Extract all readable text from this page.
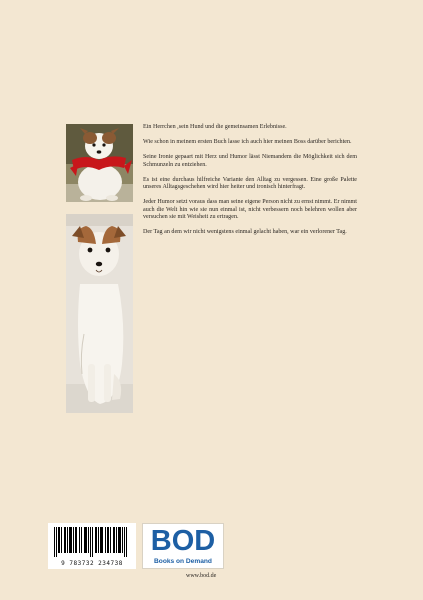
Ein Herrchen ,sein Hund und die gemeinsamen Erlebnisse.

Wie schon in meinem ersten Buch lasse ich auch hier meinen Boss darüber berichten.

Seine Ironie gepaart mit Herz und Humor lässt Niemandem die Möglichkeit sich dem Schmunzeln zu entziehen.

Es ist eine durchaus hilfreiche Variante den Alltag zu vergessen. Eine große Palette unseres Alltagsgeschehen wird hier heiter und ironisch hinterfragt.

Jeder Humor setzt voraus dass man seine eigene Person nicht zu ernst nimmt. Er nimmt auch die Welt hin wie sie nun einmal ist, nicht verbessern noch belehren wollen aber versuchen sie mit Weisheit zu ertragen.

Der Tag an dem wir nicht wenigstens einmal gelacht haben, war ein verlorener Tag.

9 783732 234738
BOD
Books on Demand
www.bod.de
